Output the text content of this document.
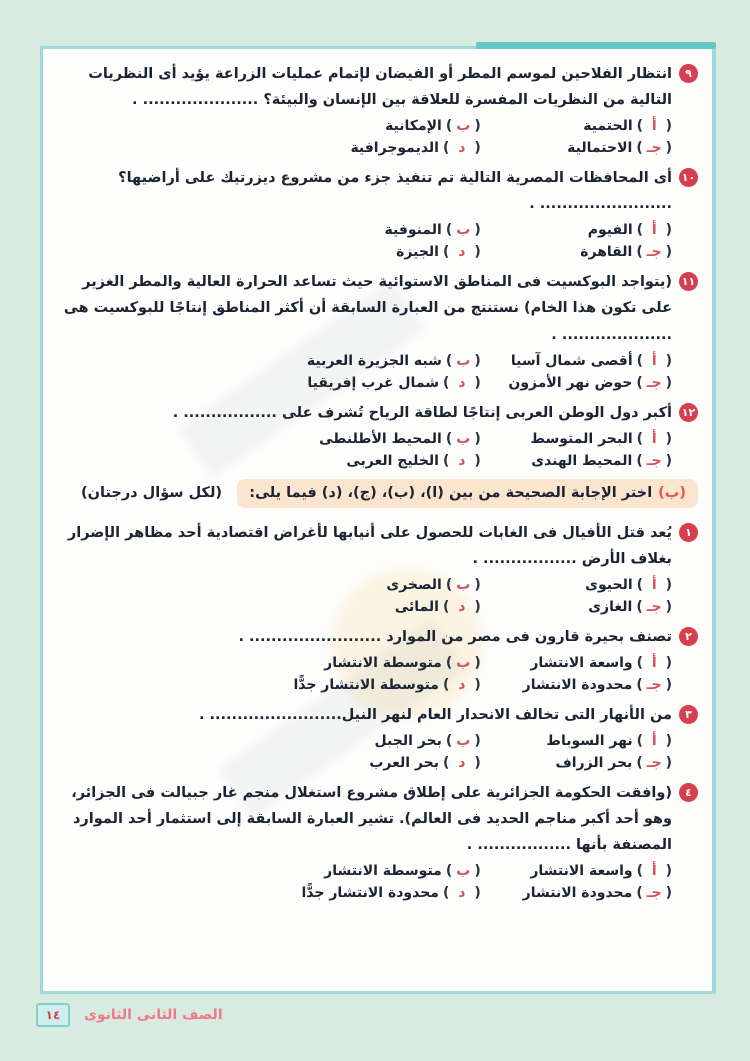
٩
انتظار الفلاحين لموسم المطر أو الفيضان لإتمام عمليات الزراعة يؤيد أى النظريات التالية من النظريات المفسرة للعلاقة بين الإنسان والبيئة؟ ..................... .
(
أ
)
الحتمية
(
ب
)
الإمكانية
(
جـ
)
الاحتمالية
(
د
)
الديموجرافية
١٠
أى المحافظات المصرية التالية تم تنفيذ جزء من مشروع ديزرتيك على أراضيها؟ ........................ .
(
أ
)
الفيوم
(
ب
)
المنوفية
(
جـ
)
القاهرة
(
د
)
الجيزة
١١
(يتواجد البوكسيت فى المناطق الاستوائية حيث تساعد الحرارة العالية والمطر الغزير على تكون هذا الخام) نستنتج من العبارة السابقة أن أكثر المناطق إنتاجًا للبوكسيت هى .................... .
(
أ
)
أقصى شمال آسيا
(
ب
)
شبه الجزيرة العربية
(
جـ
)
حوض نهر الأمزون
(
د
)
شمال غرب إفريقيا
١٢
أكبر دول الوطن العربى إنتاجًا لطاقة الرياح تُشرف على ................. .
(
أ
)
البحر المتوسط
(
ب
)
المحيط الأطلنطى
(
جـ
)
المحيط الهندى
(
د
)
الخليج العربى
(ب)
اختر الإجابة الصحيحة من بين (ا)، (ب)، (ج)، (د) فيما يلى:
(لكل سؤال درجتان)
١
يُعد قتل الأفيال فى الغابات للحصول على أنيابها لأغراض اقتصادية أحد مظاهر الإضرار بغلاف الأرض ................. .
(
أ
)
الحيوى
(
ب
)
الصخرى
(
جـ
)
الغازى
(
د
)
المائى
٢
تصنف بحيرة قارون فى مصر من الموارد ........................ .
(
أ
)
واسعة الانتشار
(
ب
)
متوسطة الانتشار
(
جـ
)
محدودة الانتشار
(
د
)
متوسطة الانتشار جدًّا
٣
من الأنهار التى تخالف الانحدار العام لنهر النيل........................ .
(
أ
)
نهر السوباط
(
ب
)
بحر الجبل
(
جـ
)
بحر الزراف
(
د
)
بحر العرب
٤
(وافقت الحكومة الجزائرية على إطلاق مشروع استغلال منجم غار جبيالت فى الجزائر، وهو أحد أكبر مناجم الحديد فى العالم). تشير العبارة السابقة إلى استثمار أحد الموارد المصنفة بأنها ................. .
(
أ
)
واسعة الانتشار
(
ب
)
متوسطة الانتشار
(
جـ
)
محدودة الانتشار
(
د
)
محدودة الانتشار جدًّا
١٤	الصف الثانى الثانوى
